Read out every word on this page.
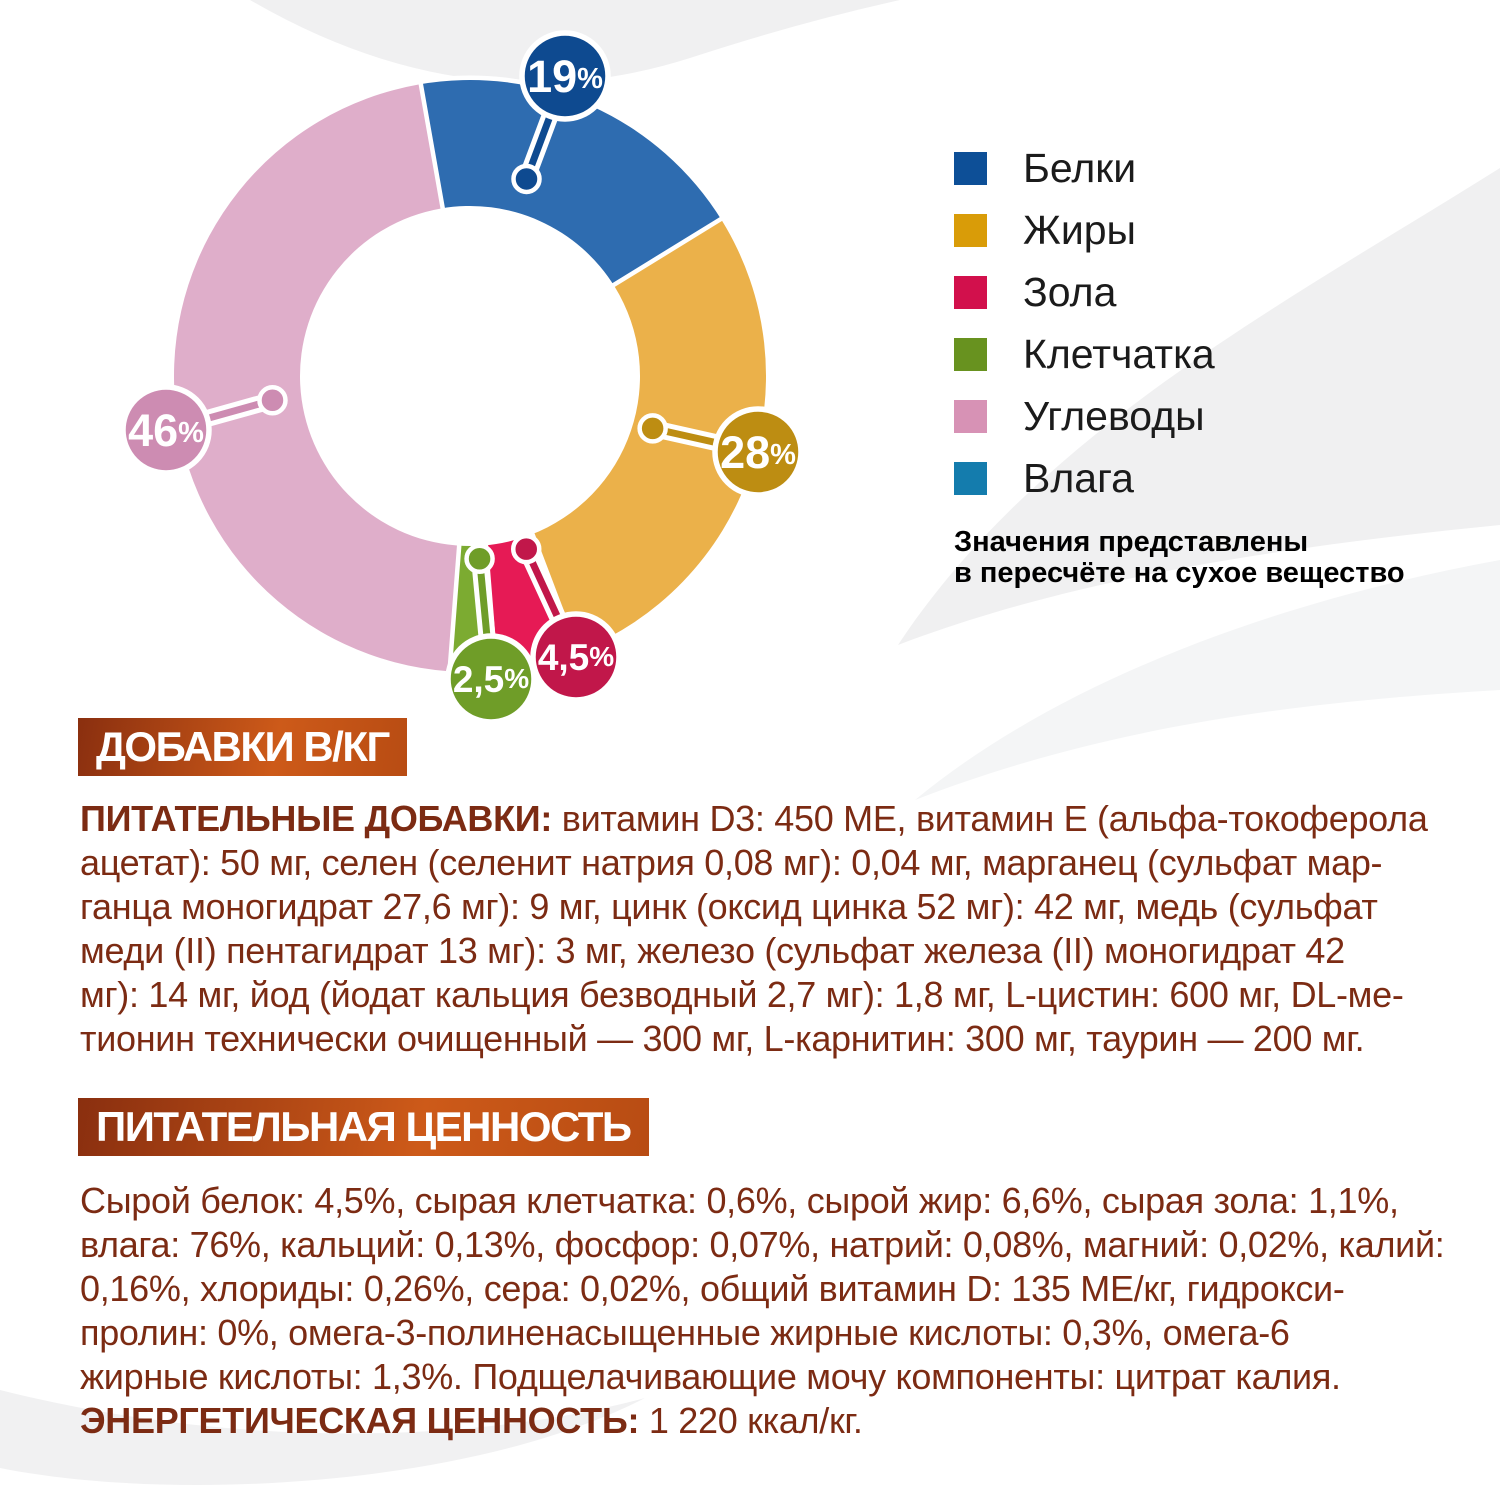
19%
28%
4,5%
2,5%
46%
Белки
Жиры
Зола
Клетчатка
Углеводы
Влага
Значения представлены
в пересчёте на сухое вещество
ДОБАВКИ В/КГ
ПИТАТЕЛЬНЫЕ ДОБАВКИ: витамин D3: 450 МЕ, витамин Е (альфа-токоферола
ацетат): 50 мг, селен (селенит натрия 0,08 мг): 0,04 мг, марганец (сульфат мар-
ганца моногидрат 27,6 мг): 9 мг, цинк (оксид цинка 52 мг): 42 мг, медь (сульфат
меди (II) пентагидрат 13 мг): 3 мг, железо (сульфат железа (II) моногидрат 42
мг): 14 мг, йод (йодат кальция безводный 2,7 мг): 1,8 мг, L-цистин: 600 мг, DL-ме-
тионин технически очищенный — 300 мг, L-карнитин: 300 мг, таурин — 200 мг.
ПИТАТЕЛЬНАЯ ЦЕННОСТЬ
Сырой белок: 4,5%, сырая клетчатка: 0,6%, сырой жир: 6,6%, сырая зола: 1,1%,
влага: 76%, кальций: 0,13%, фосфор: 0,07%, натрий: 0,08%, магний: 0,02%, калий:
0,16%, хлориды: 0,26%, сера: 0,02%, общий витамин D: 135 МЕ/кг, гидрокси-
пролин: 0%, омега-3-полиненасыщенные жирные кислоты: 0,3%, омега-6
жирные кислоты: 1,3%. Подщелачивающие мочу компоненты: цитрат калия.
ЭНЕРГЕТИЧЕСКАЯ ЦЕННОСТЬ: 1 220 ккал/кг.
